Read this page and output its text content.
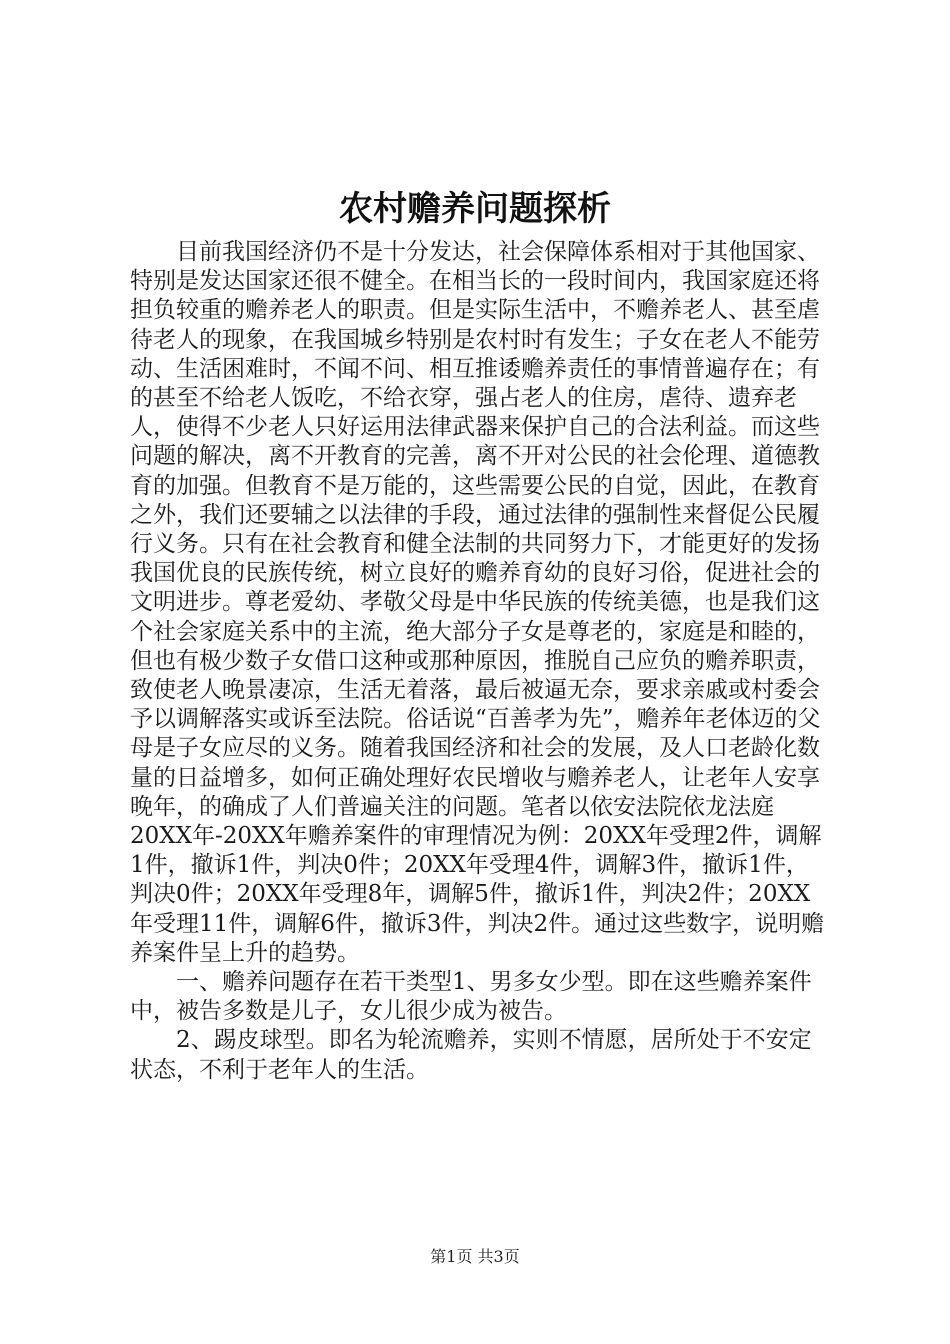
农村赡养问题探析

目前我国经济仍不是十分发达，社会保障体系相对于其他国家、特别是发达国家还很不健全。在相当长的一段时间内，我国家庭还将担负较重的赡养老人的职责。但是实际生活中，不赡养老人、甚至虐待老人的现象，在我国城乡特别是农村时有发生；子女在老人不能劳动、生活困难时，不闻不问、相互推诿赡养责任的事情普遍存在；有的甚至不给老人饭吃，不给衣穿，强占老人的住房，虐待、遗弃老人，使得不少老人只好运用法律武器来保护自己的合法利益。而这些问题的解决，离不开教育的完善，离不开对公民的社会伦理、道德教育的加强。但教育不是万能的，这些需要公民的自觉，因此，在教育之外，我们还要辅之以法律的手段，通过法律的强制性来督促公民履行义务。只有在社会教育和健全法制的共同努力下，才能更好的发扬我国优良的民族传统，树立良好的赡养育幼的良好习俗，促进社会的文明进步。尊老爱幼、孝敬父母是中华民族的传统美德，也是我们这个社会家庭关系中的主流，绝大部分子女是尊老的，家庭是和睦的，但也有极少数子女借口这种或那种原因，推脱自己应负的赡养职责，致使老人晚景凄凉，生活无着落，最后被逼无奈，要求亲戚或村委会予以调解落实或诉至法院。俗话说“百善孝为先”，赡养年老体迈的父母是子女应尽的义务。随着我国经济和社会的发展，及人口老龄化数量的日益增多，如何正确处理好农民增收与赡养老人，让老年人安享晚年，的确成了人们普遍关注的问题。笔者以依安法院依龙法庭20XX年-20XX年赡养案件的审理情况为例：20XX年受理2件，调解1件，撤诉1件，判决0件；20XX年受理4件，调解3件，撤诉1件，判决0件；20XX年受理8年，调解5件，撤诉1件，判决2件；20XX年受理11件，调解6件，撤诉3件，判决2件。通过这些数字，说明赡养案件呈上升的趋势。

一、赡养问题存在若干类型1、男多女少型。即在这些赡养案件中，被告多数是儿子，女儿很少成为被告。

2、踢皮球型。即名为轮流赡养，实则不情愿，居所处于不安定状态，不利于老年人的生活。

第1页 共3页
